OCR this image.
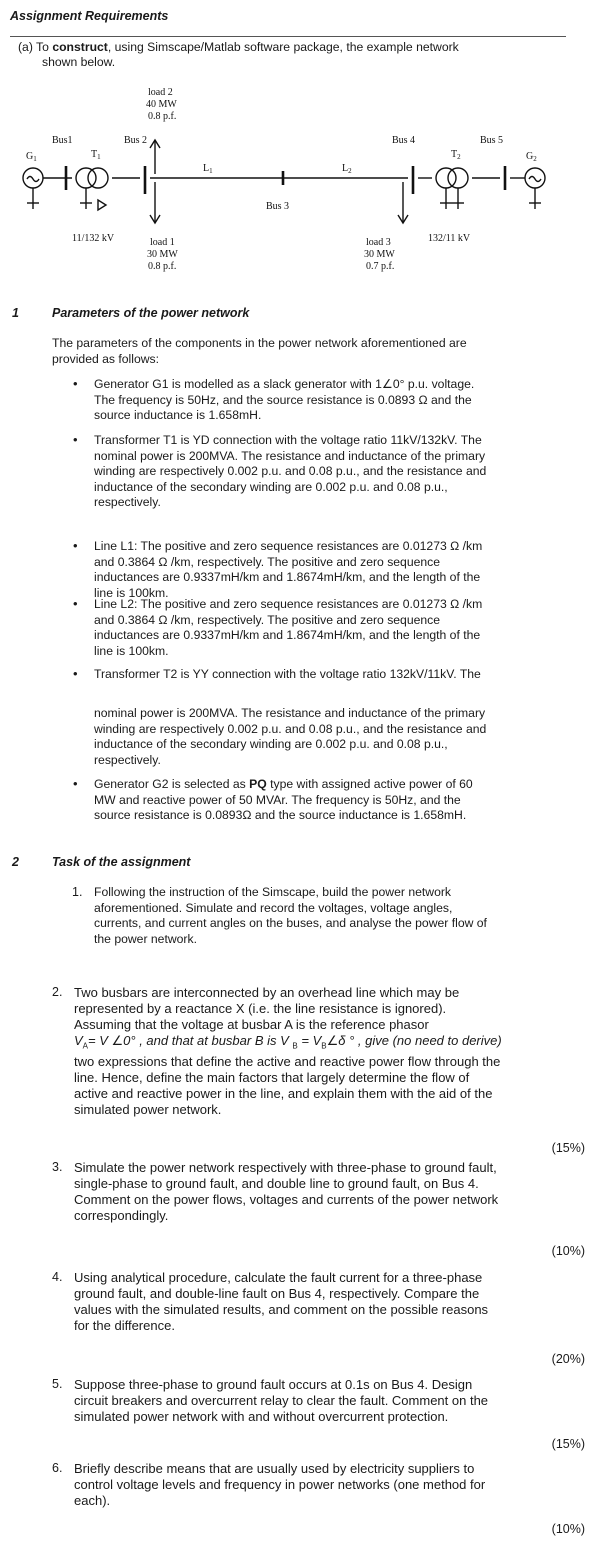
Assignment Requirements
(a) To construct, using Simscape/Matlab software package, the example network
shown below.
load 2
40 MW
0.8 p.f.
Bus1	Bus 2	Bus 4	Bus 5
$G_1$	$T_1$	$T_2$	$G_2$
$L_1$	$L_2$
Bus 3
11/132 kV	132/11 kV
load 1
30 MW
0.8 p.f.
load 3
30 MW
0.7 p.f.
1	Parameters of the power network
The parameters of the components in the power network aforementioned are
provided as follows:
• Generator G1 is modelled as a slack generator with 1∠0° p.u. voltage.
The frequency is 50Hz, and the source resistance is 0.0893 Ω and the
source inductance is 1.658mH.
• Transformer T1 is YD connection with the voltage ratio 11kV/132kV. The
nominal power is 200MVA. The resistance and inductance of the primary
winding are respectively 0.002 p.u. and 0.08 p.u., and the resistance and
inductance of the secondary winding are 0.002 p.u. and 0.08 p.u.,
respectively.
• Line L1: The positive and zero sequence resistances are 0.01273 Ω /km
and 0.3864 Ω /km, respectively. The positive and zero sequence
inductances are 0.9337mH/km and 1.8674mH/km, and the length of the
line is 100km.
• Line L2: The positive and zero sequence resistances are 0.01273 Ω /km
and 0.3864 Ω /km, respectively. The positive and zero sequence
inductances are 0.9337mH/km and 1.8674mH/km, and the length of the
line is 100km.
• Transformer T2 is YY connection with the voltage ratio 132kV/11kV. The
nominal power is 200MVA. The resistance and inductance of the primary
winding are respectively 0.002 p.u. and 0.08 p.u., and the resistance and
inductance of the secondary winding are 0.002 p.u. and 0.08 p.u.,
respectively.
• Generator G2 is selected as PQ type with assigned active power of 60
MW and reactive power of 50 MVAr. The frequency is 50Hz, and the
source resistance is 0.0893Ω and the source inductance is 1.658mH.
2	Task of the assignment
1. Following the instruction of the Simscape, build the power network
aforementioned. Simulate and record the voltages, voltage angles,
currents, and current angles on the buses, and analyse the power flow of
the power network.
2. Two busbars are interconnected by an overhead line which may be
represented by a reactance X (i.e. the line resistance is ignored).
Assuming that the voltage at busbar A is the reference phasor
$V_A= V$ ∠0° , and that at busbar B is V $_B = V_B\angle\delta$ ° , give (no need to derive)
two expressions that define the active and reactive power flow through the
line. Hence, define the main factors that largely determine the flow of
active and reactive power in the line, and explain them with the aid of the
simulated power network.
(15%)
3. Simulate the power network respectively with three-phase to ground fault,
single-phase to ground fault, and double line to ground fault, on Bus 4.
Comment on the power flows, voltages and currents of the power network
correspondingly.
(10%)
4. Using analytical procedure, calculate the fault current for a three-phase
ground fault, and double-line fault on Bus 4, respectively. Compare the
values with the simulated results, and comment on the possible reasons
for the difference.
(20%)
5. Suppose three-phase to ground fault occurs at 0.1s on Bus 4. Design
circuit breakers and overcurrent relay to clear the fault. Comment on the
simulated power network with and without overcurrent protection.
(15%)
6. Briefly describe means that are usually used by electricity suppliers to
control voltage levels and frequency in power networks (one method for
each).
(10%)
